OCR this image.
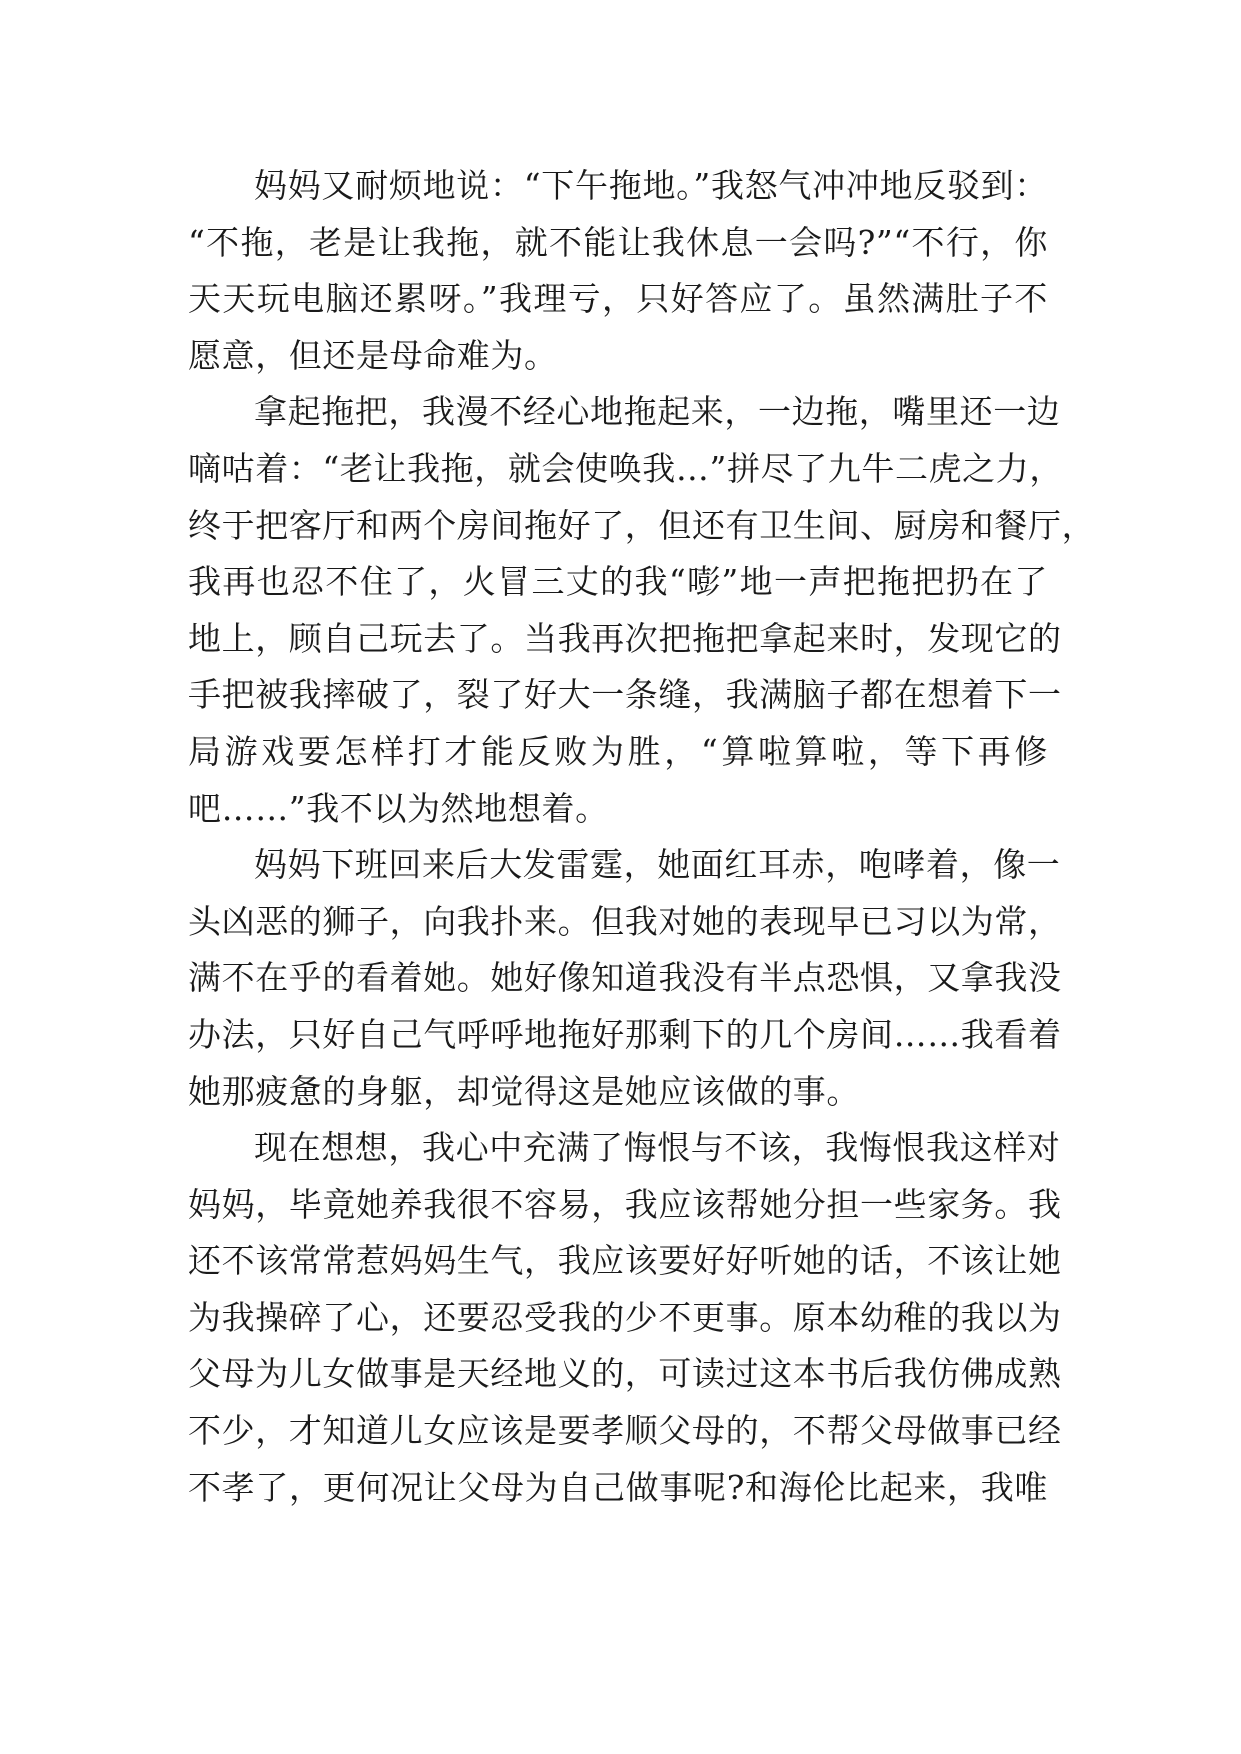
妈妈又耐烦地说：“下午拖地。”我怒气冲冲地反驳到：
“不拖，老是让我拖，就不能让我休息一会吗?”“不行，你
天天玩电脑还累呀。”我理亏，只好答应了。虽然满肚子不
愿意，但还是母命难为。
拿起拖把，我漫不经心地拖起来，一边拖，嘴里还一边
嘀咕着：“老让我拖，就会使唤我…”拼尽了九牛二虎之力，
终于把客厅和两个房间拖好了，但还有卫生间、厨房和餐厅，
我再也忍不住了，火冒三丈的我“嘭”地一声把拖把扔在了
地上，顾自己玩去了。当我再次把拖把拿起来时，发现它的
手把被我摔破了，裂了好大一条缝，我满脑子都在想着下一
局游戏要怎样打才能反败为胜，“算啦算啦，等下再修
吧……”我不以为然地想着。
妈妈下班回来后大发雷霆，她面红耳赤，咆哮着，像一
头凶恶的狮子，向我扑来。但我对她的表现早已习以为常，
满不在乎的看着她。她好像知道我没有半点恐惧，又拿我没
办法，只好自己气呼呼地拖好那剩下的几个房间……我看着
她那疲惫的身躯，却觉得这是她应该做的事。
现在想想，我心中充满了悔恨与不该，我悔恨我这样对
妈妈，毕竟她养我很不容易，我应该帮她分担一些家务。我
还不该常常惹妈妈生气，我应该要好好听她的话，不该让她
为我操碎了心，还要忍受我的少不更事。原本幼稚的我以为
父母为儿女做事是天经地义的，可读过这本书后我仿佛成熟
不少，才知道儿女应该是要孝顺父母的，不帮父母做事已经
不孝了，更何况让父母为自己做事呢?和海伦比起来，我唯
